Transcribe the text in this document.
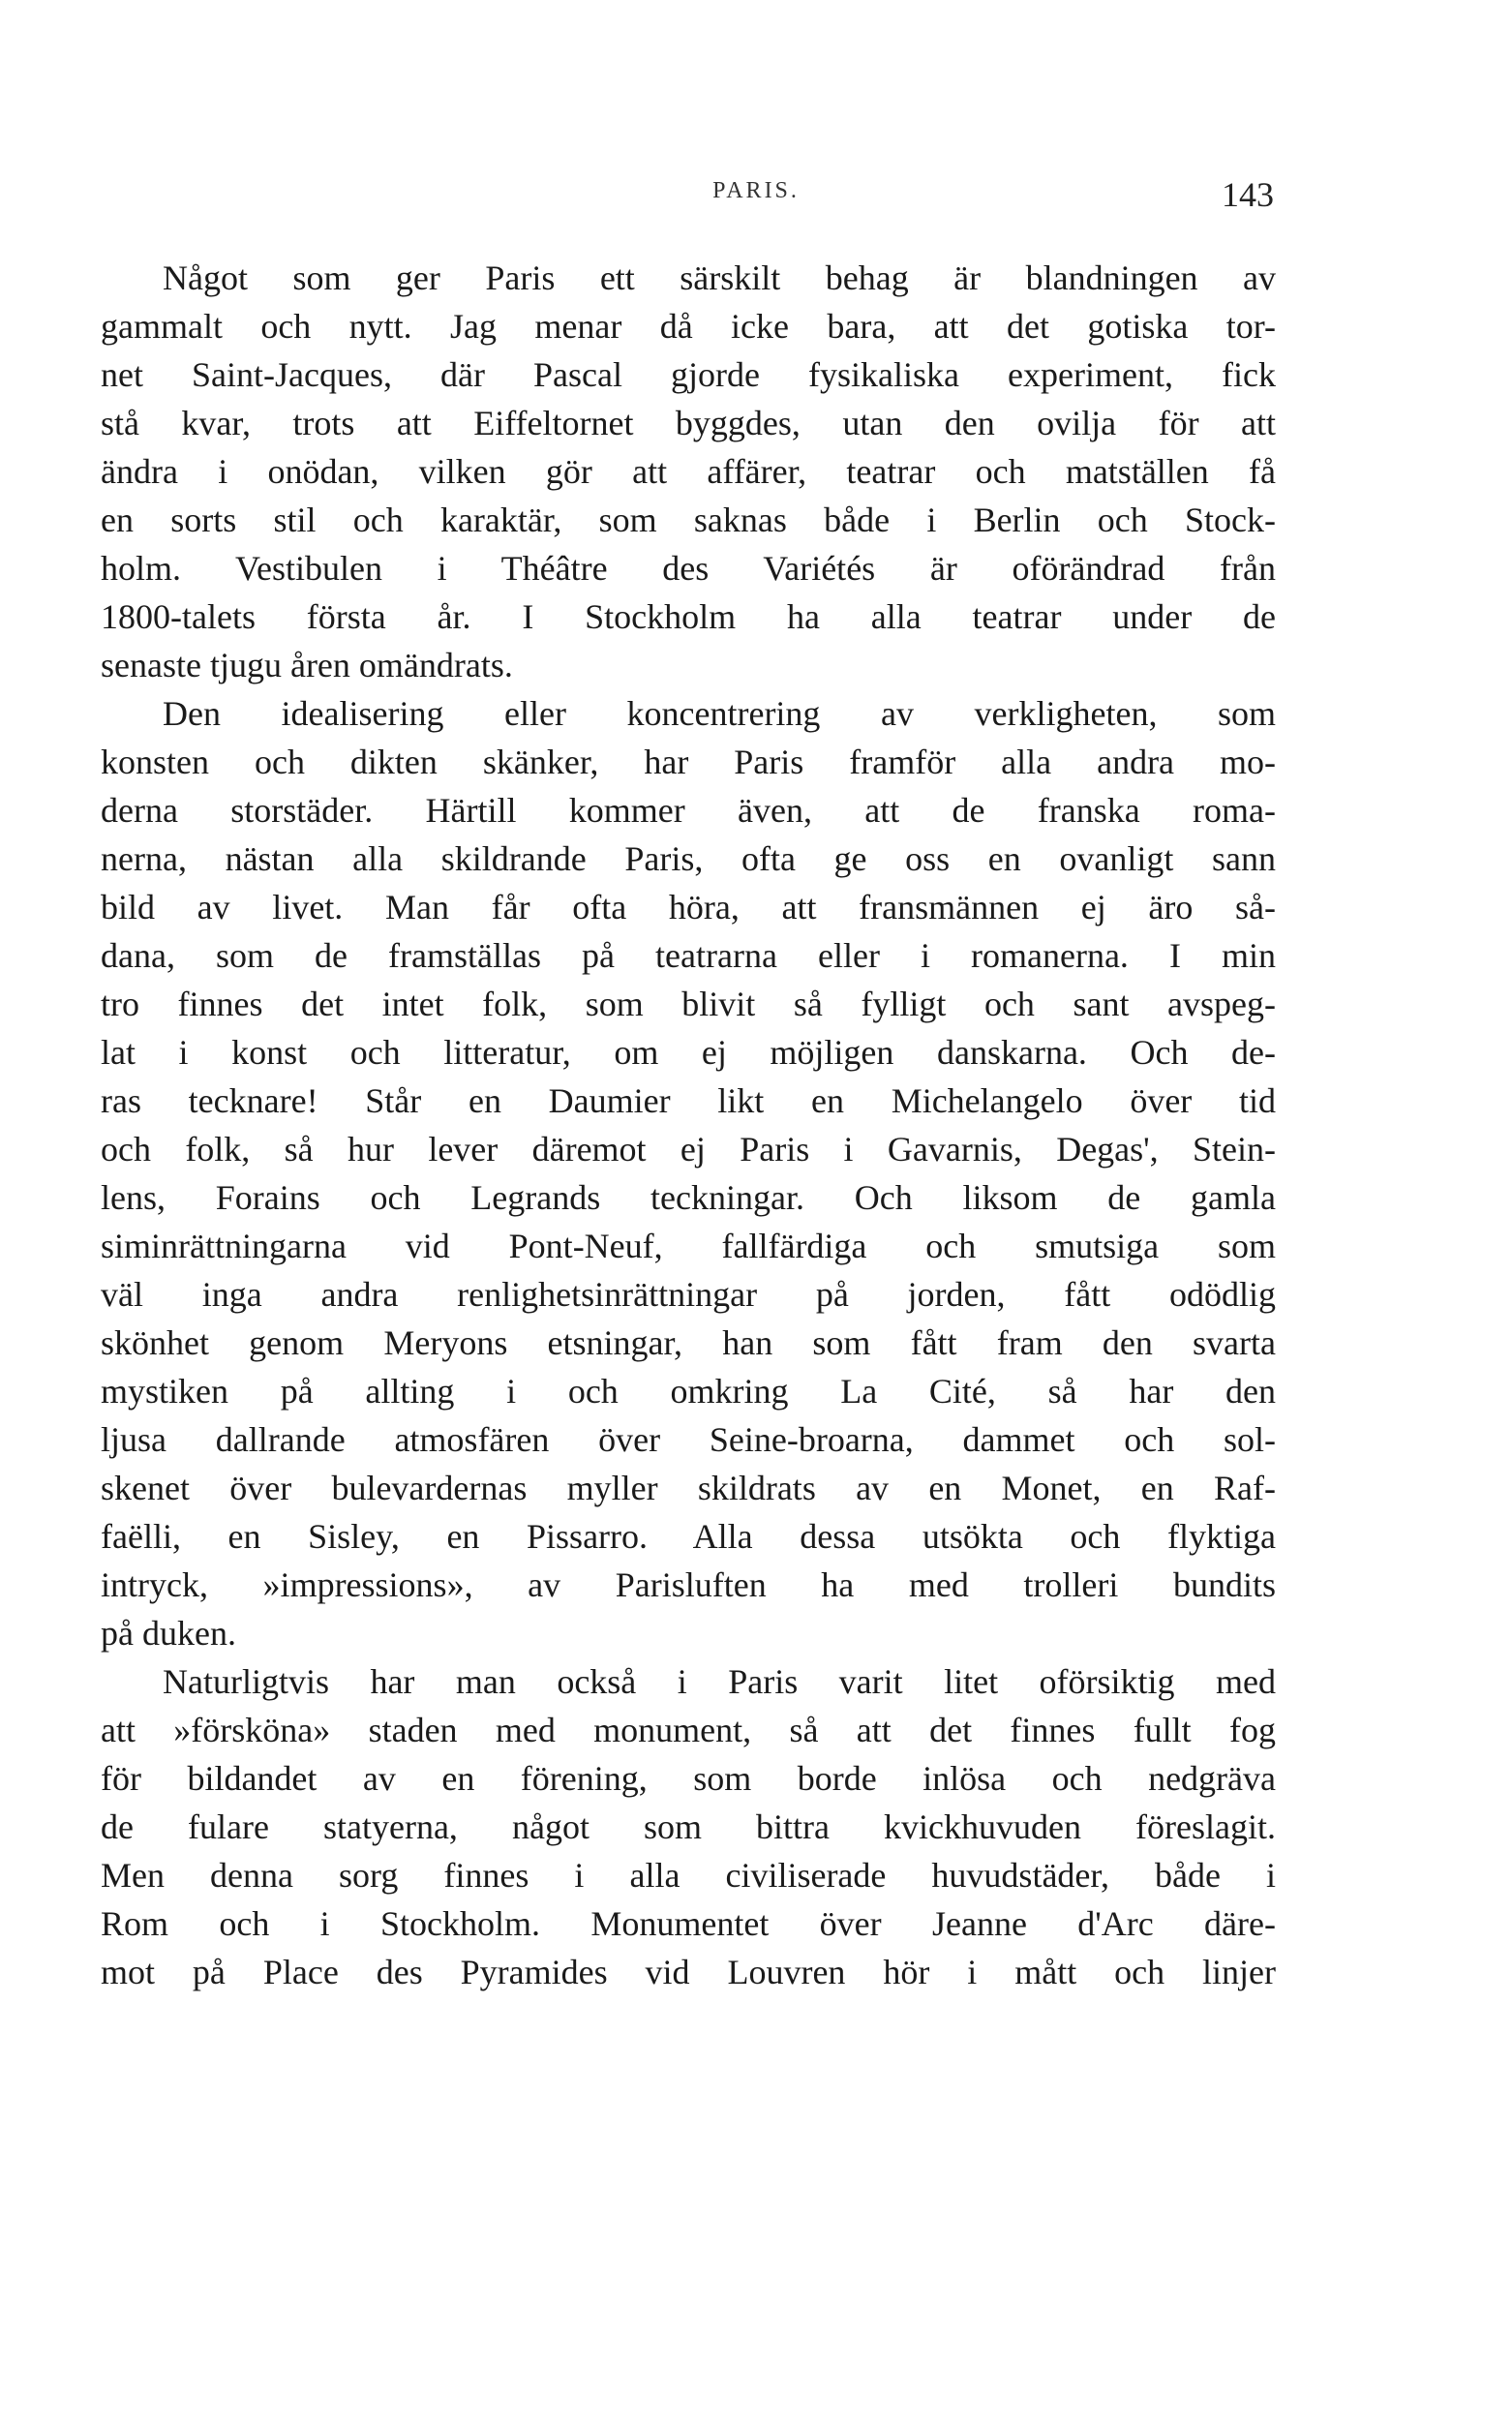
PARIS.	143
Något som ger Paris ett särskilt behag är blandningen av
gammalt och nytt. Jag menar då icke bara, att det gotiska tor-
net Saint-Jacques, där Pascal gjorde fysikaliska experiment, fick
stå kvar, trots att Eiffeltornet byggdes, utan den ovilja för att
ändra i onödan, vilken gör att affärer, teatrar och matställen få
en sorts stil och karaktär, som saknas både i Berlin och Stock-
holm. Vestibulen i Théâtre des Variétés är oförändrad från
1800-talets första år. I Stockholm ha alla teatrar under de
senaste tjugu åren omändrats.
Den idealisering eller koncentrering av verkligheten, som
konsten och dikten skänker, har Paris framför alla andra mo-
derna storstäder. Härtill kommer även, att de franska roma-
nerna, nästan alla skildrande Paris, ofta ge oss en ovanligt sann
bild av livet. Man får ofta höra, att fransmännen ej äro så-
dana, som de framställas på teatrarna eller i romanerna. I min
tro finnes det intet folk, som blivit så fylligt och sant avspeg-
lat i konst och litteratur, om ej möjligen danskarna. Och de-
ras tecknare! Står en Daumier likt en Michelangelo över tid
och folk, så hur lever däremot ej Paris i Gavarnis, Degas', Stein-
lens, Forains och Legrands teckningar. Och liksom de gamla
siminrättningarna vid Pont-Neuf, fallfärdiga och smutsiga som
väl inga andra renlighetsinrättningar på jorden, fått odödlig
skönhet genom Meryons etsningar, han som fått fram den svarta
mystiken på allting i och omkring La Cité, så har den
ljusa dallrande atmosfären över Seine-broarna, dammet och sol-
skenet över bulevardernas myller skildrats av en Monet, en Raf-
faëlli, en Sisley, en Pissarro. Alla dessa utsökta och flyktiga
intryck, »impressions», av Parisluften ha med trolleri bundits
på duken.
Naturligtvis har man också i Paris varit litet oförsiktig med
att »försköna» staden med monument, så att det finnes fullt fog
för bildandet av en förening, som borde inlösa och nedgräva
de fulare statyerna, något som bittra kvickhuvuden föreslagit.
Men denna sorg finnes i alla civiliserade huvudstäder, både i
Rom och i Stockholm. Monumentet över Jeanne d'Arc däre-
mot på Place des Pyramides vid Louvren hör i mått och linjer
